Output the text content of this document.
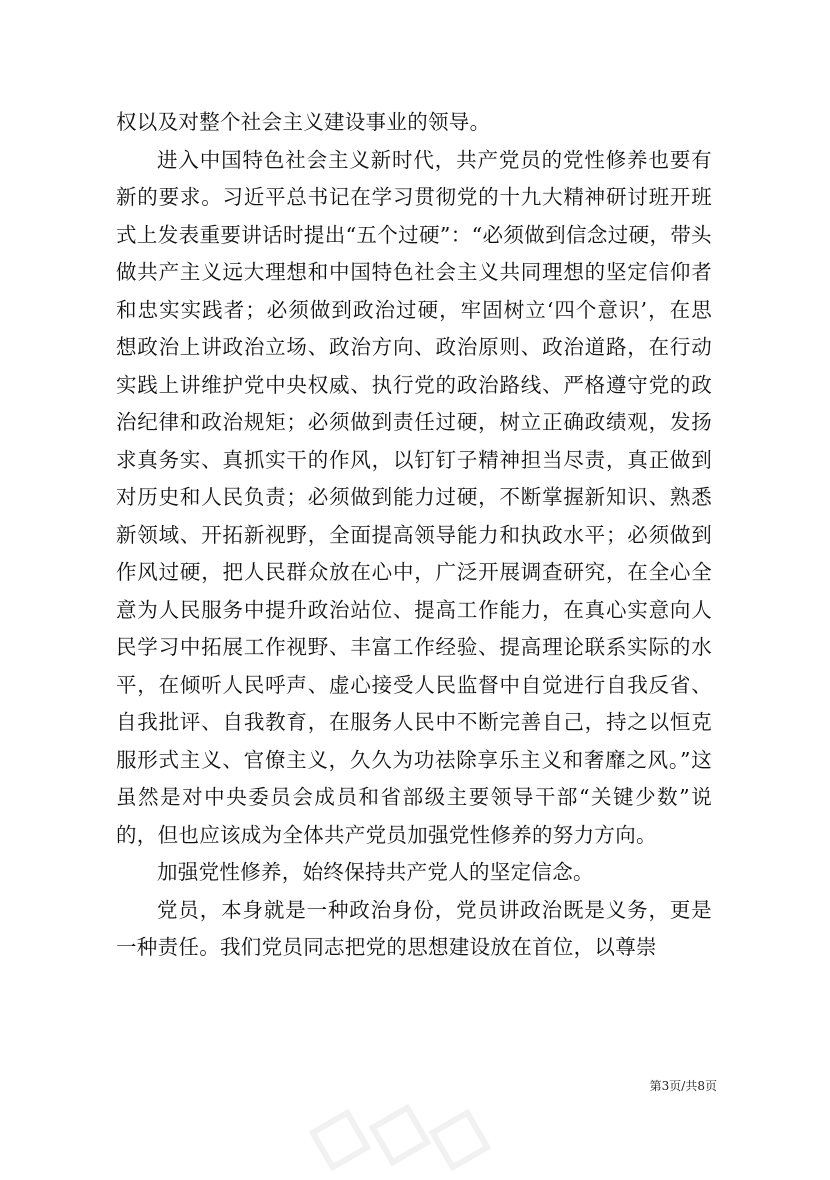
权以及对整个社会主义建设事业的领导。

进入中国特色社会主义新时代，共产党员的党性修养也要有新的要求。习近平总书记在学习贯彻党的十九大精神研讨班开班式上发表重要讲话时提出“五个过硬”：“必须做到信念过硬，带头做共产主义远大理想和中国特色社会主义共同理想的坚定信仰者和忠实实践者；必须做到政治过硬，牢固树立‘四个意识’，在思想政治上讲政治立场、政治方向、政治原则、政治道路，在行动实践上讲维护党中央权威、执行党的政治路线、严格遵守党的政治纪律和政治规矩；必须做到责任过硬，树立正确政绩观，发扬求真务实、真抓实干的作风，以钉钉子精神担当尽责，真正做到对历史和人民负责；必须做到能力过硬，不断掌握新知识、熟悉新领域、开拓新视野，全面提高领导能力和执政水平；必须做到作风过硬，把人民群众放在心中，广泛开展调查研究，在全心全意为人民服务中提升政治站位、提高工作能力，在真心实意向人民学习中拓展工作视野、丰富工作经验、提高理论联系实际的水平，在倾听人民呼声、虚心接受人民监督中自觉进行自我反省、自我批评、自我教育，在服务人民中不断完善自己，持之以恒克服形式主义、官僚主义，久久为功祛除享乐主义和奢靡之风。”这虽然是对中央委员会成员和省部级主要领导干部“关键少数”说的，但也应该成为全体共产党员加强党性修养的努力方向。

加强党性修养，始终保持共产党人的坚定信念。

党员，本身就是一种政治身份，党员讲政治既是义务，更是一种责任。我们党员同志把党的思想建设放在首位，以尊崇

第3页/共8页
